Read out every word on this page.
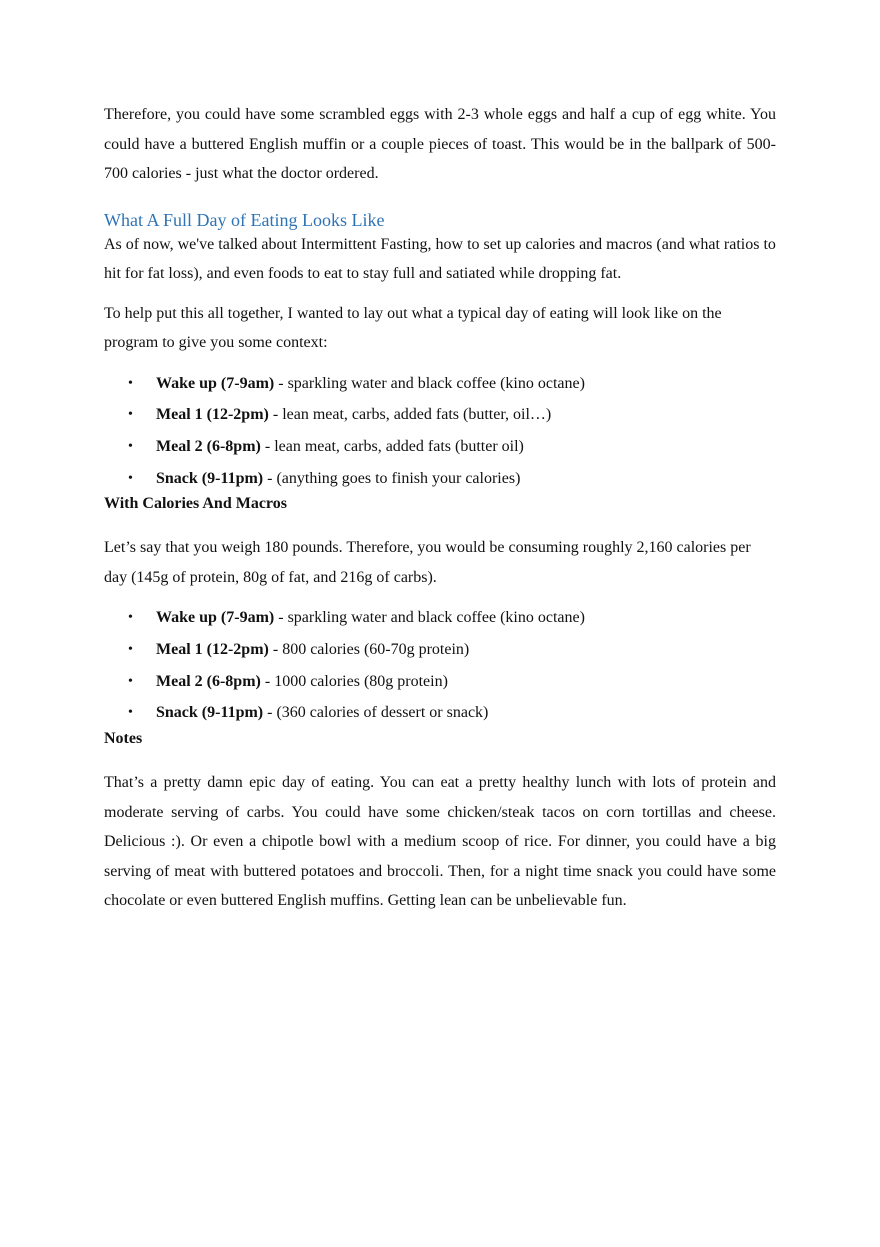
Therefore, you could have some scrambled eggs with 2-3 whole eggs and half a cup of egg white. You could have a buttered English muffin or a couple pieces of toast. This would be in the ballpark of 500-700 calories - just what the doctor ordered.

What A Full Day of Eating Looks Like

As of now, we've talked about Intermittent Fasting, how to set up calories and macros (and what ratios to hit for fat loss), and even foods to eat to stay full and satiated while dropping fat.

To help put this all together, I wanted to lay out what a typical day of eating will look like on the program to give you some context:

• Wake up (7-9am) - sparkling water and black coffee (kino octane)
• Meal 1 (12-2pm) - lean meat, carbs, added fats (butter, oil…)
• Meal 2 (6-8pm) - lean meat, carbs, added fats (butter oil)
• Snack (9-11pm) - (anything goes to finish your calories)
With Calories And Macros

Let’s say that you weigh 180 pounds. Therefore, you would be consuming roughly 2,160 calories per day (145g of protein, 80g of fat, and 216g of carbs).

• Wake up (7-9am) - sparkling water and black coffee (kino octane)
• Meal 1 (12-2pm) - 800 calories (60-70g protein)
• Meal 2 (6-8pm) - 1000 calories (80g protein)
• Snack (9-11pm) - (360 calories of dessert or snack)
Notes

That’s a pretty damn epic day of eating. You can eat a pretty healthy lunch with lots of protein and moderate serving of carbs. You could have some chicken/steak tacos on corn tortillas and cheese. Delicious :). Or even a chipotle bowl with a medium scoop of rice. For dinner, you could have a big serving of meat with buttered potatoes and broccoli. Then, for a night time snack you could have some chocolate or even buttered English muffins. Getting lean can be unbelievable fun.
